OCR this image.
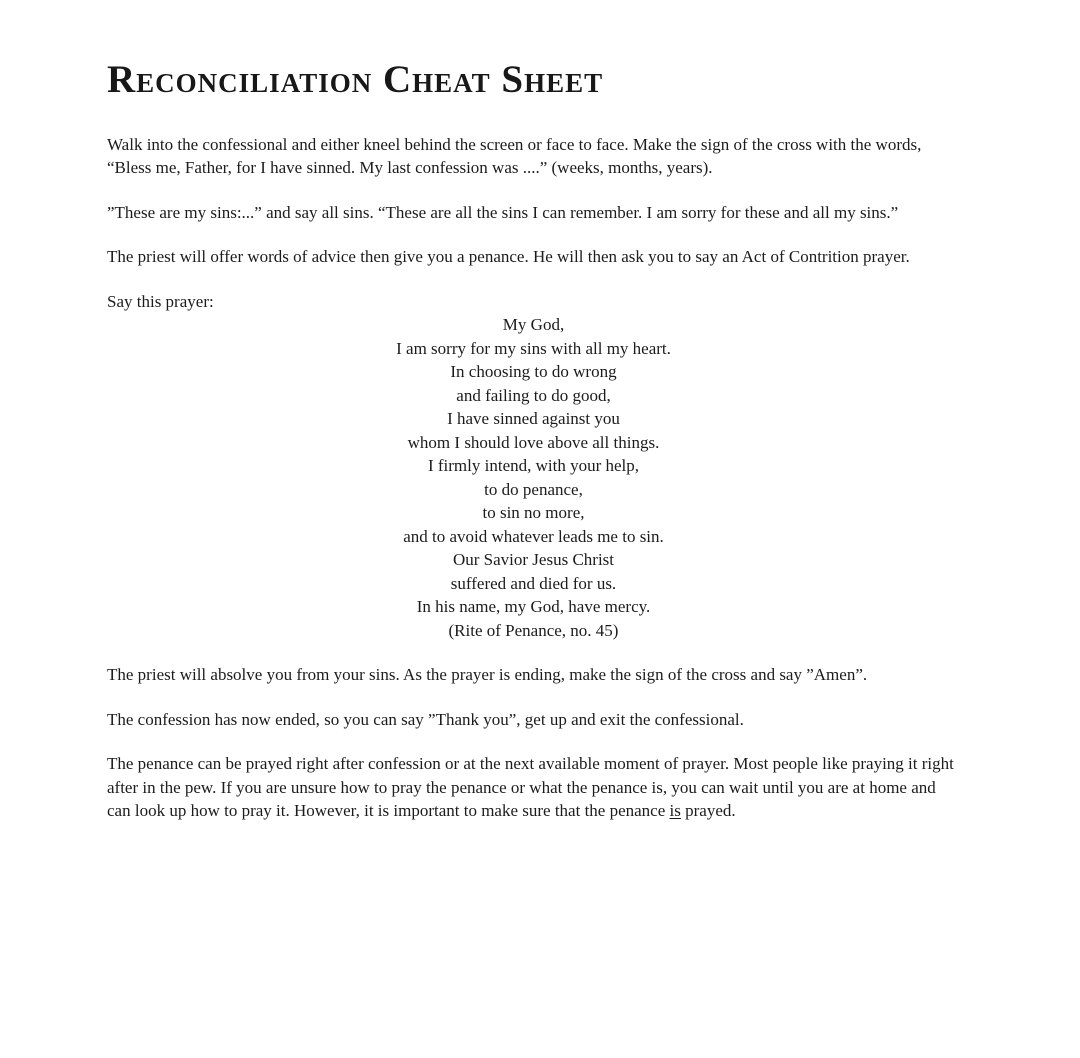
Reconciliation Cheat Sheet

Walk into the confessional and either kneel behind the screen or face to face. Make the sign of the cross with the words, “Bless me, Father, for I have sinned. My last confession was ....” (weeks, months, years).

”These are my sins:...” and say all sins. “These are all the sins I can remember. I am sorry for these and all my sins.”

The priest will offer words of advice then give you a penance. He will then ask you to say an Act of Contrition prayer.

Say this prayer:

My God,
I am sorry for my sins with all my heart.
In choosing to do wrong
and failing to do good,
I have sinned against you
whom I should love above all things.
I firmly intend, with your help,
to do penance,
to sin no more,
and to avoid whatever leads me to sin.
Our Savior Jesus Christ
suffered and died for us.
In his name, my God, have mercy.
(Rite of Penance, no. 45)

The priest will absolve you from your sins. As the prayer is ending, make the sign of the cross and say ”Amen”.

The confession has now ended, so you can say ”Thank you”, get up and exit the confessional.

The penance can be prayed right after confession or at the next available moment of prayer. Most people like praying it right after in the pew. If you are unsure how to pray the penance or what the penance is, you can wait until you are at home and can look up how to pray it. However, it is important to make sure that the penance is prayed.
